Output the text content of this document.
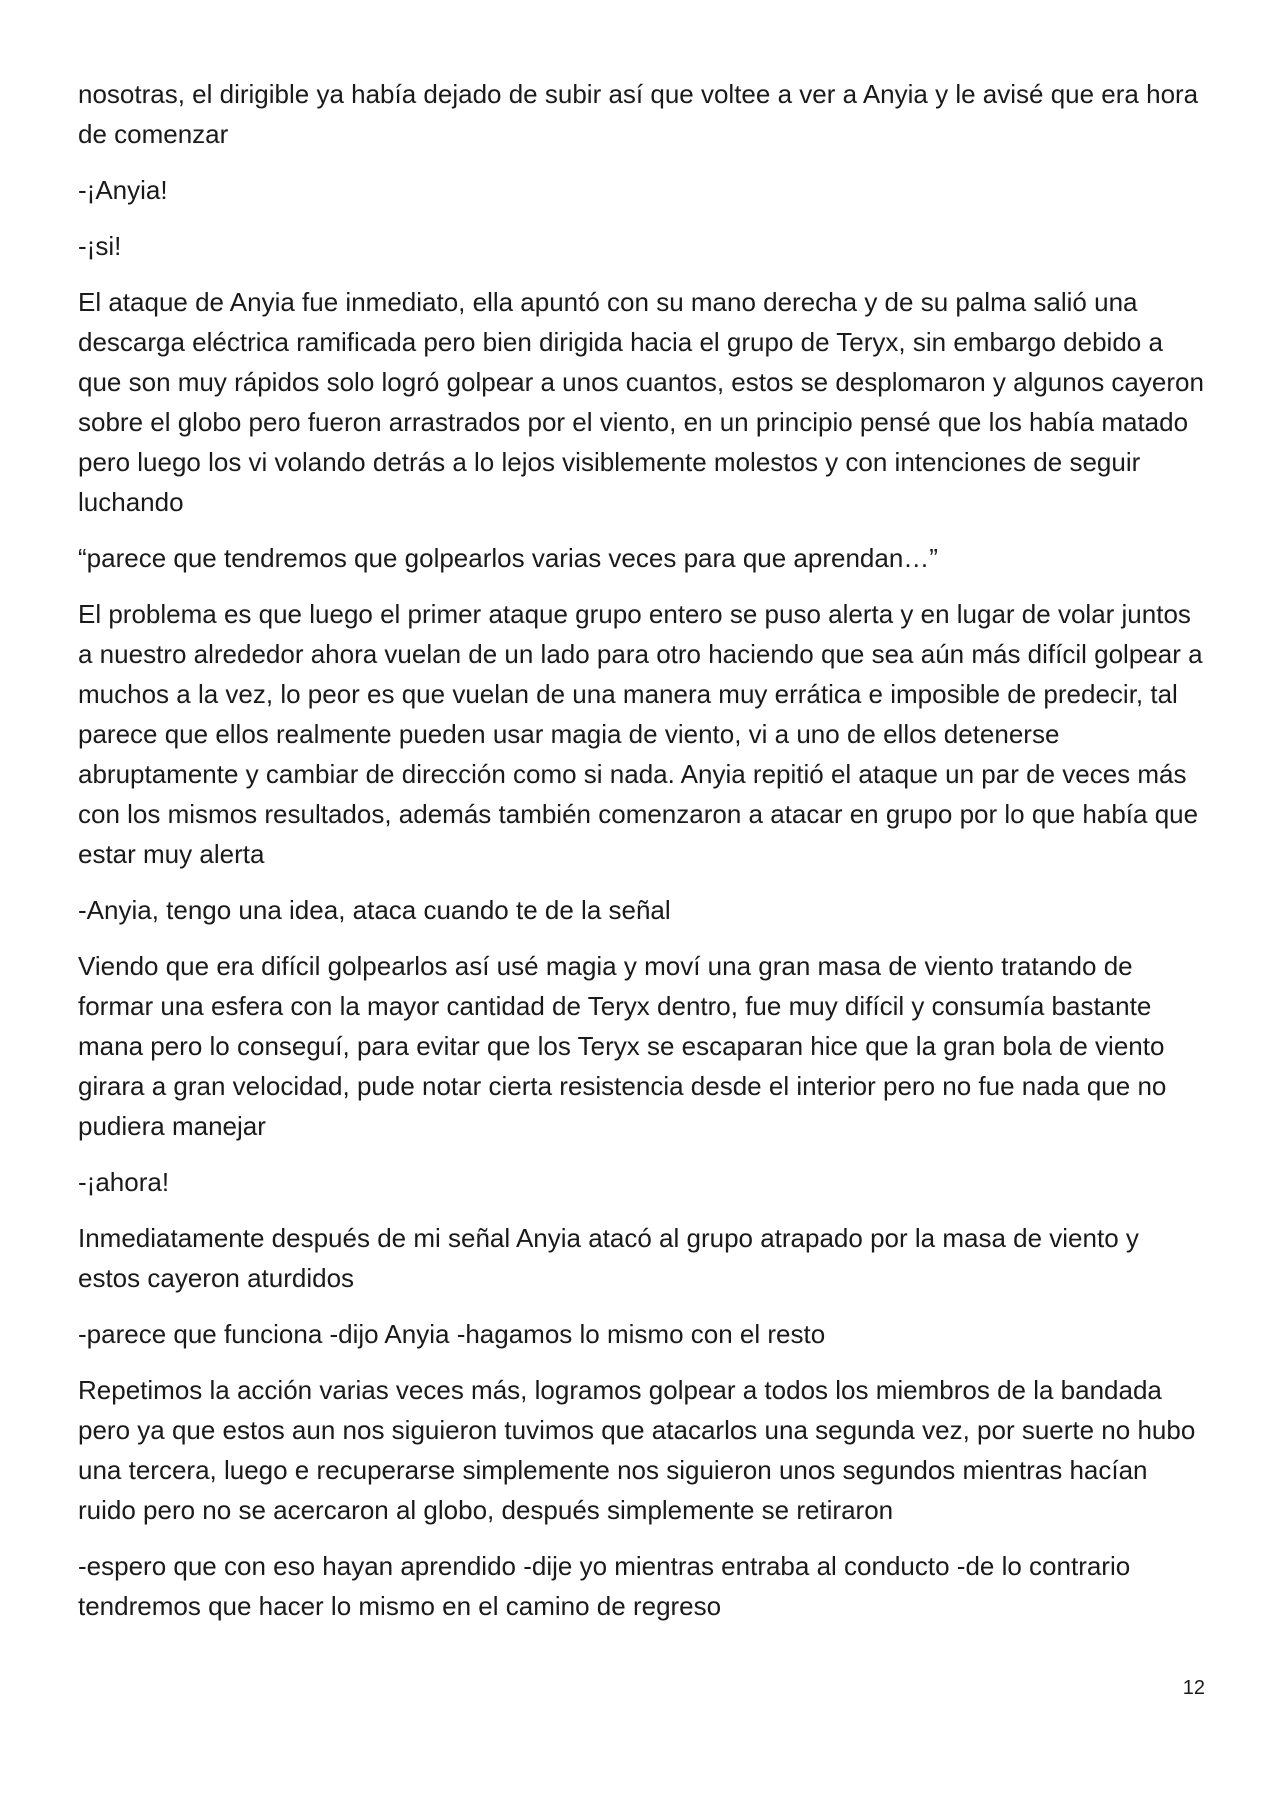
nosotras, el dirigible ya había dejado de subir así que voltee a ver a Anyia y le avisé que era hora de comenzar

-¡Anyia!

-¡si!

El ataque de Anyia fue inmediato, ella apuntó con su mano derecha y de su palma salió una descarga eléctrica ramificada pero bien dirigida hacia el grupo de Teryx, sin embargo debido a que son muy rápidos solo logró golpear a unos cuantos, estos se desplomaron y algunos cayeron sobre el globo pero fueron arrastrados por el viento, en un principio pensé que los había matado pero luego los vi volando detrás a lo lejos visiblemente molestos y con intenciones de seguir luchando

“parece que tendremos que golpearlos varias veces para que aprendan…”

El problema es que luego el primer ataque grupo entero se puso alerta y en lugar de volar juntos a nuestro alrededor ahora vuelan de un lado para otro haciendo que sea aún más difícil golpear a muchos a la vez, lo peor es que vuelan de una manera muy errática e imposible de predecir, tal parece que ellos realmente pueden usar magia de viento, vi a uno de ellos detenerse abruptamente y cambiar de dirección como si nada. Anyia repitió el ataque un par de veces más con los mismos resultados, además también comenzaron a atacar en grupo por lo que había que estar muy alerta

-Anyia, tengo una idea, ataca cuando te de la señal

Viendo que era difícil golpearlos así usé magia y moví una gran masa de viento tratando de formar una esfera con la mayor cantidad de Teryx dentro, fue muy difícil y consumía bastante mana pero lo conseguí, para evitar que los Teryx se escaparan hice que la gran bola de viento girara a gran velocidad, pude notar cierta resistencia desde el interior pero no fue nada que no pudiera manejar

-¡ahora!

Inmediatamente después de mi señal Anyia atacó al grupo atrapado por la masa de viento y estos cayeron aturdidos

-parece que funciona -dijo Anyia -hagamos lo mismo con el resto

Repetimos la acción varias veces más, logramos golpear a todos los miembros de la bandada pero ya que estos aun nos siguieron tuvimos que atacarlos una segunda vez, por suerte no hubo una tercera, luego e recuperarse simplemente nos siguieron unos segundos mientras hacían ruido pero no se acercaron al globo, después simplemente se retiraron

-espero que con eso hayan aprendido -dije yo mientras entraba al conducto -de lo contrario tendremos que hacer lo mismo en el camino de regreso

12
